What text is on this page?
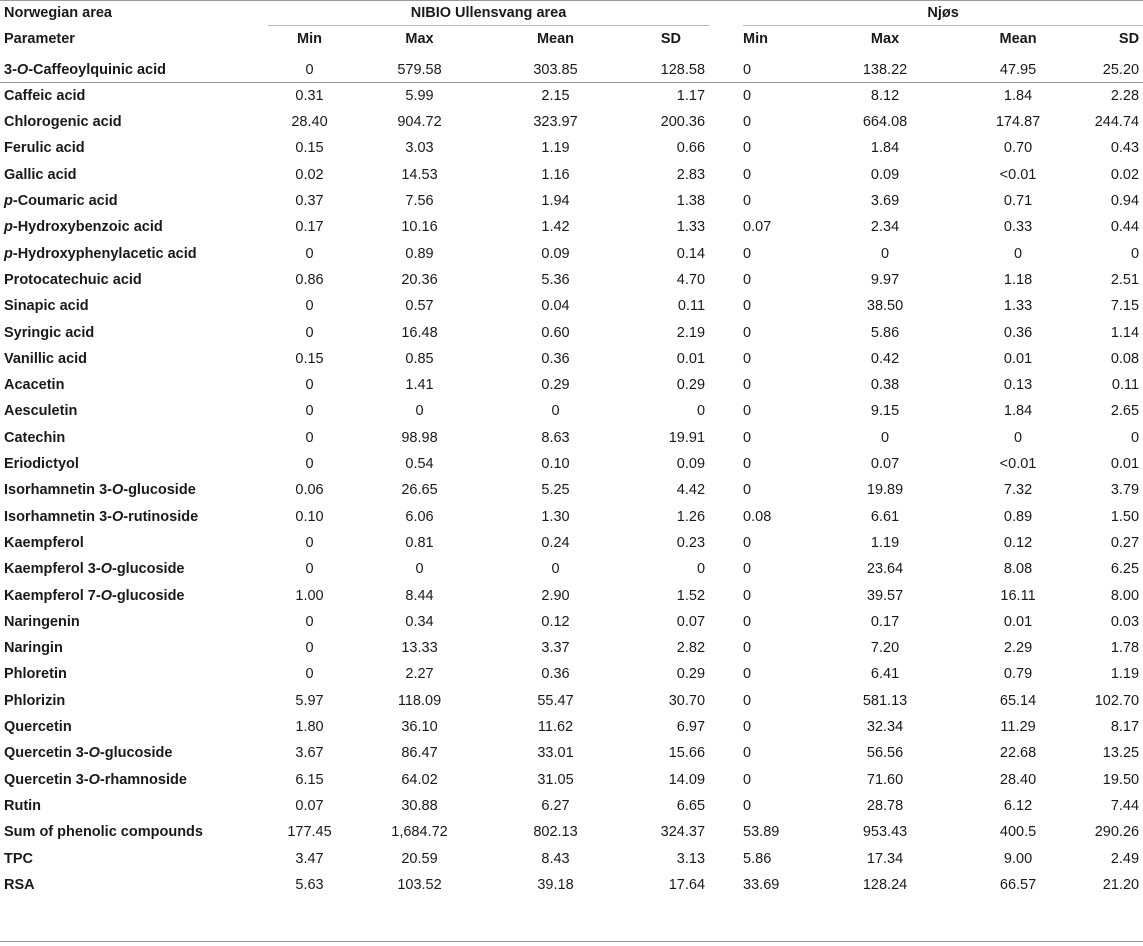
Norwegian area	NIBIO Ullensvang area					Njøs			

Parameter	Min	Max	Mean	SD		Min	Max	Mean	SD

3-O-Caffeoylquinic acid	0	579.58	303.85	128.58		0	138.22	47.95	25.20
Caffeic acid	0.31	5.99	2.15	1.17		0	8.12	1.84	2.28
Chlorogenic acid	28.40	904.72	323.97	200.36		0	664.08	174.87	244.74
Ferulic acid	0.15	3.03	1.19	0.66		0	1.84	0.70	0.43
Gallic acid	0.02	14.53	1.16	2.83		0	0.09	<0.01	0.02
p-Coumaric acid	0.37	7.56	1.94	1.38		0	3.69	0.71	0.94
p-Hydroxybenzoic acid	0.17	10.16	1.42	1.33		0.07	2.34	0.33	0.44
p-Hydroxyphenylacetic acid	0	0.89	0.09	0.14		0	0	0	0
Protocatechuic acid	0.86	20.36	5.36	4.70		0	9.97	1.18	2.51
Sinapic acid	0	0.57	0.04	0.11		0	38.50	1.33	7.15
Syringic acid	0	16.48	0.60	2.19		0	5.86	0.36	1.14
Vanillic acid	0.15	0.85	0.36	0.01		0	0.42	0.01	0.08
Acacetin	0	1.41	0.29	0.29		0	0.38	0.13	0.11
Aesculetin	0	0	0	0		0	9.15	1.84	2.65
Catechin	0	98.98	8.63	19.91		0	0	0	0
Eriodictyol	0	0.54	0.10	0.09		0	0.07	<0.01	0.01
Isorhamnetin 3-O-glucoside	0.06	26.65	5.25	4.42		0	19.89	7.32	3.79
Isorhamnetin 3-O-rutinoside	0.10	6.06	1.30	1.26		0.08	6.61	0.89	1.50
Kaempferol	0	0.81	0.24	0.23		0	1.19	0.12	0.27
Kaempferol 3-O-glucoside	0	0	0	0		0	23.64	8.08	6.25
Kaempferol 7-O-glucoside	1.00	8.44	2.90	1.52		0	39.57	16.11	8.00
Naringenin	0	0.34	0.12	0.07		0	0.17	0.01	0.03
Naringin	0	13.33	3.37	2.82		0	7.20	2.29	1.78
Phloretin	0	2.27	0.36	0.29		0	6.41	0.79	1.19
Phlorizin	5.97	118.09	55.47	30.70		0	581.13	65.14	102.70
Quercetin	1.80	36.10	11.62	6.97		0	32.34	11.29	8.17
Quercetin 3-O-glucoside	3.67	86.47	33.01	15.66		0	56.56	22.68	13.25
Quercetin 3-O-rhamnoside	6.15	64.02	31.05	14.09		0	71.60	28.40	19.50
Rutin	0.07	30.88	6.27	6.65		0	28.78	6.12	7.44
Sum of phenolic compounds	177.45	1,684.72	802.13	324.37		53.89	953.43	400.5	290.26
TPC	3.47	20.59	8.43	3.13		5.86	17.34	9.00	2.49
RSA	5.63	103.52	39.18	17.64		33.69	128.24	66.57	21.20
